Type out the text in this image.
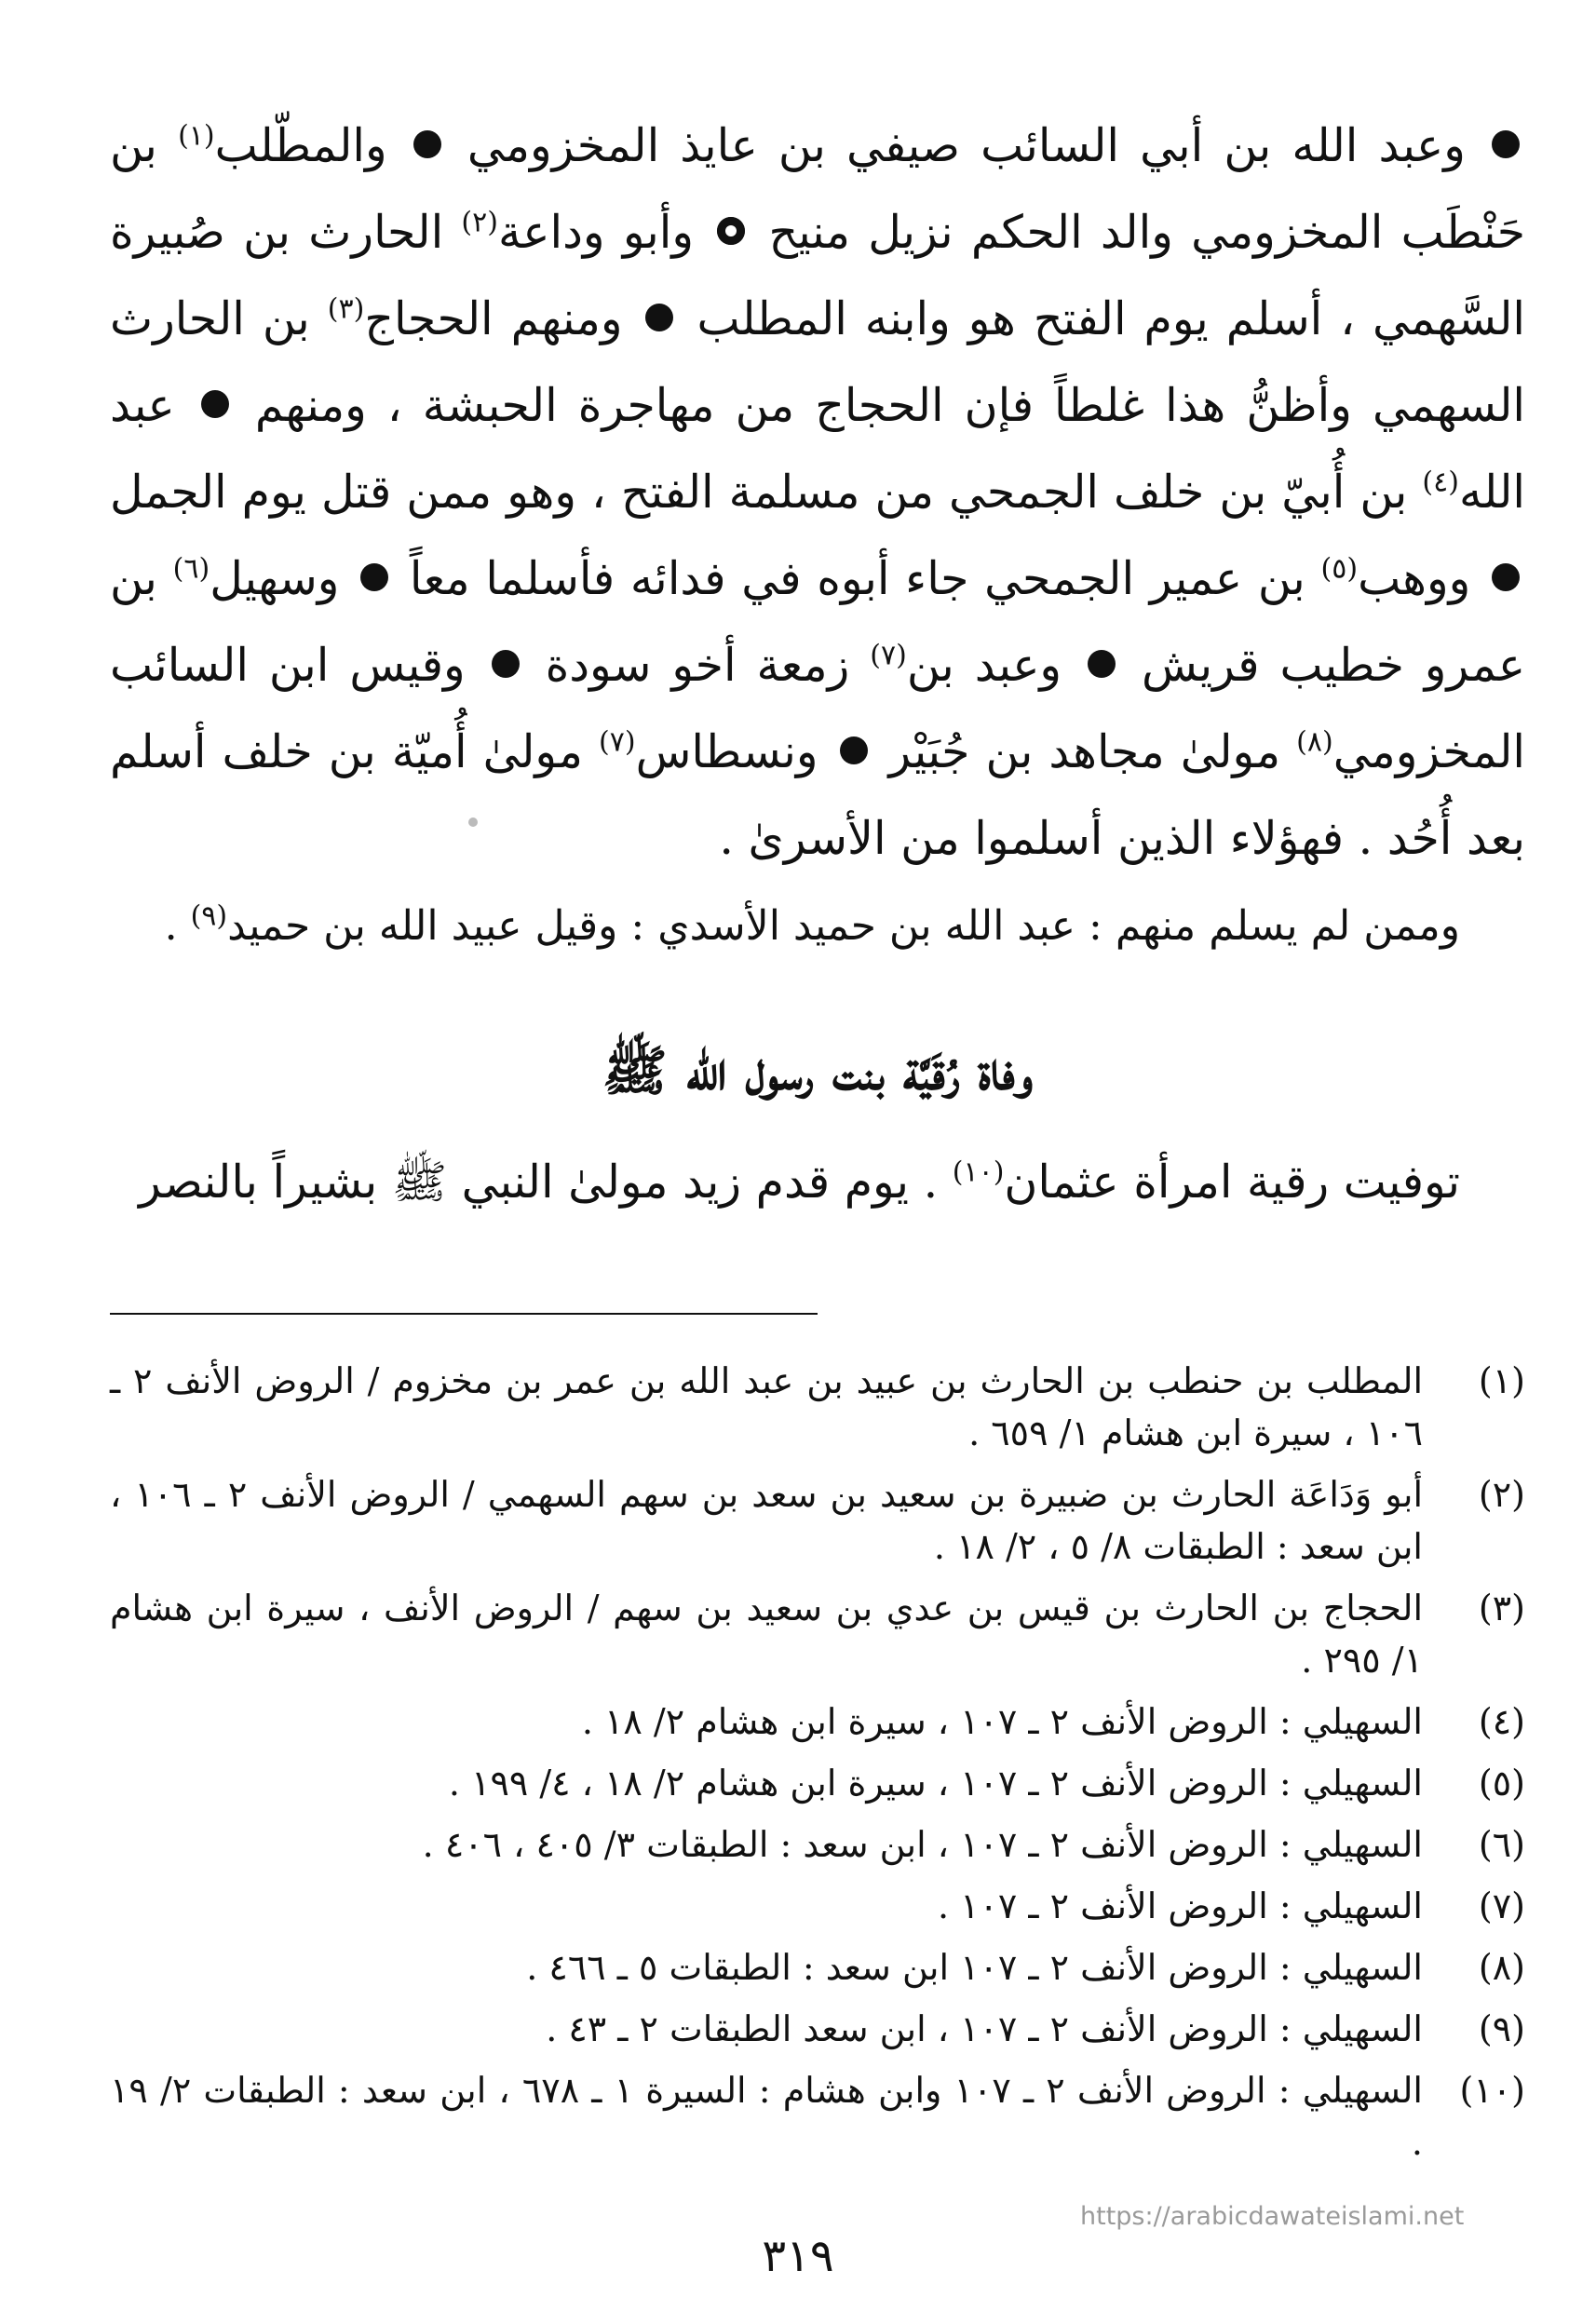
وعبد الله بن أبي السائب صيفي بن عايذ المخزومي  والمطّلب$^{(١)}$ بن حَنْطَب المخزومي والد الحكم نزيل منيح  وأبو وداعة$^{(٢)}$ الحارث بن صُبيرة السَّهمي ، أسلم يوم الفتح هو وابنه المطلب  ومنهم الحجاج$^{(٣)}$ بن الحارث السهمي وأظنُّ هذا غلطاً فإن الحجاج من مهاجرة الحبشة ، ومنهم  عبد الله$^{(٤)}$ بن أُبيّ بن خلف الجمحي من مسلمة الفتح ، وهو ممن قتل يوم الجمل  ووهب$^{(٥)}$ بن عمير الجمحي جاء أبوه في فدائه فأسلما معاً  وسهيل$^{(٦)}$ بن عمرو خطيب قريش  وعبد بن$^{(٧)}$ زمعة أخو سودة  وقيس ابن السائب المخزومي$^{(٨)}$ مولىٰ مجاهد بن جُبَيْر  ونسطاس$^{(٧)}$ مولىٰ أُميّة بن خلف أسلم بعد أُحُد . فهؤلاء الذين أسلموا من الأسرىٰ .

وممن لم يسلم منهم : عبد الله بن حميد الأسدي : وقيل عبيد الله بن حميد$^{(٩)}$ .

وفاة رُقَيَّة بنت رسول الله ﷺ

توفيت رقية امرأة عثمان$^{(١٠)}$ . يوم قدم زيد مولىٰ النبي ﷺ بشيراً بالنصر

(١)
المطلب بن حنطب بن الحارث بن عبيد بن عبد الله بن عمر بن مخزوم / الروض الأنف ٢ ـ ١٠٦ ، سيرة ابن هشام ١/ ٦٥٩ .
(٢)
أبو وَدَاعَة الحارث بن ضبيرة بن سعيد بن سعد بن سهم السهمي / الروض الأنف ٢ ـ ١٠٦ ، ابن سعد : الطبقات ٨/ ٥ ، ٢/ ١٨ .
(٣)
الحجاج بن الحارث بن قيس بن عدي بن سعيد بن سهم / الروض الأنف ، سيرة ابن هشام ١/ ٢٩٥ .
(٤)
السهيلي : الروض الأنف ٢ ـ ١٠٧ ، سيرة ابن هشام ٢/ ١٨ .
(٥)
السهيلي : الروض الأنف ٢ ـ ١٠٧ ، سيرة ابن هشام ٢/ ١٨ ، ٤/ ١٩٩ .
(٦)
السهيلي : الروض الأنف ٢ ـ ١٠٧ ، ابن سعد : الطبقات ٣/ ٤٠٥ ، ٤٠٦ .
(٧)
السهيلي : الروض الأنف ٢ ـ ١٠٧ .
(٨)
السهيلي : الروض الأنف ٢ ـ ١٠٧ ابن سعد : الطبقات ٥ ـ ٤٦٦ .
(٩)
السهيلي : الروض الأنف ٢ ـ ١٠٧ ، ابن سعد الطبقات ٢ ـ ٤٣ .
(١٠)
السهيلي : الروض الأنف ٢ ـ ١٠٧ وابن هشام : السيرة ١ ـ ٦٧٨ ، ابن سعد : الطبقات ٢/ ١٩ .
https://arabicdawateislami.net
٣١٩
